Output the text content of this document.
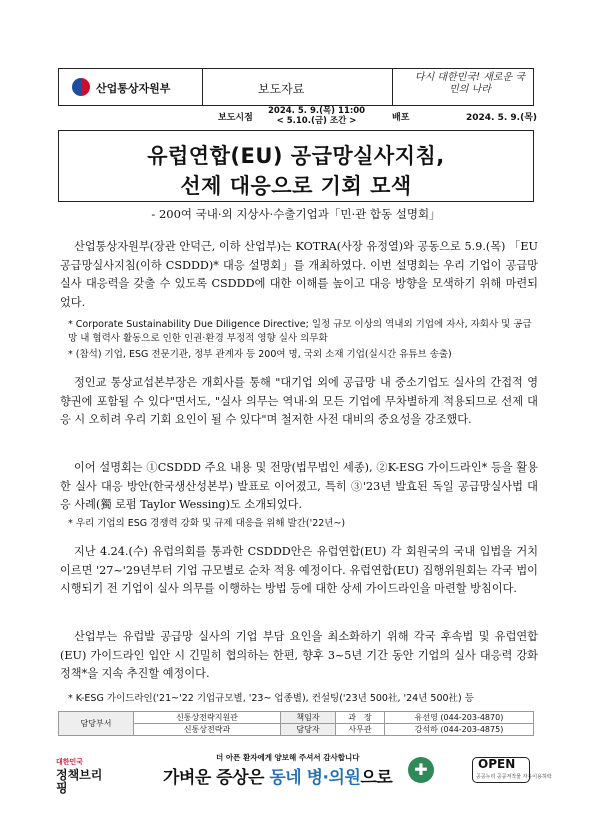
산업통상자원부	보도자료
다시 대한민국! 새로운 국민의 나라
보도시점
2024. 5. 9.(목) 11:00
< 5.10.(금) 조간 >	배포	2024. 5. 9.(목)
유럽연합(EU) 공급망실사지침,
선제 대응으로 기회 모색
- 200여 국내·외 지상사·수출기업과「민·관 합동 설명회」
산업통상자원부(장관 안덕근, 이하 산업부)는 KOTRA(사장 유정열)와 공동으로 5.9.(목) 「EU 공급망실사지침(이하 CSDDD)* 대응 설명회」를 개최하였다. 이번 설명회는 우리 기업이 공급망 실사 대응력을 갖출 수 있도록 CSDDD에 대한 이해를 높이고 대응 방향을 모색하기 위해 마련되었다.
* Corporate Sustainability Due Diligence Directive; 일정 규모 이상의 역내외 기업에 자사, 자회사 및 공급망 내 협력사 활동으로 인한 인권·환경 부정적 영향 실사 의무화
* (참석) 기업, ESG 전문기관, 정부 관계자 등 200여 명, 국외 소재 기업(실시간 유튜브 송출)
정인교 통상교섭본부장은 개회사를 통해 "대기업 외에 공급망 내 중소기업도 실사의 간접적 영향권에 포함될 수 있다"면서도, "실사 의무는 역내·외 모든 기업에 무차별하게 적용되므로 선제 대응 시 오히려 우리 기회 요인이 될 수 있다"며 철저한 사전 대비의 중요성을 강조했다.
이어 설명회는 ①CSDDD 주요 내용 및 전망(법무법인 세종), ②K-ESG 가이드라인* 등을 활용한 실사 대응 방안(한국생산성본부) 발표로 이어졌고, 특히 ③'23년 발효된 독일 공급망실사법 대응 사례(獨 로펌 Taylor Wessing)도 소개되었다.
* 우리 기업의 ESG 경쟁력 강화 및 규제 대응을 위해 발간('22년~)
지난 4.24.(수) 유럽의회를 통과한 CSDDD안은 유럽연합(EU) 각 회원국의 국내 입법을 거치 이르면 '27~'29년부터 기업 규모별로 순차 적용 예정이다. 유럽연합(EU) 집행위원회는 각국 법이 시행되기 전 기업이 실사 의무를 이행하는 방법 등에 대한 상세 가이드라인을 마련할 방침이다.
산업부는 유럽발 공급망 실사의 기업 부담 요인을 최소화하기 위해 각국 후속법 및 유럽연합(EU) 가이드라인 입안 시 긴밀히 협의하는 한편, 향후 3~5년 기간 동안 기업의 실사 대응력 강화 정책*을 지속 추진할 예정이다.
* K-ESG 가이드라인('21~'22 기업규모별, '23~ 업종별), 컨설팅('23년 500社, '24년 500社) 등
담당부서	신통상전략지원관	책임자	과　장	유선영 (044-203-4870)
	신통상전략과	담당자	사무관	강석하 (044-203-4875)
대한민국
정책브리핑
더 아픈 환자에게 양보해 주셔서 감사합니다
가벼운 증상은 동네 병·의원으로	✚	OPEN
공공누리 공공저작물 자유이용허락
